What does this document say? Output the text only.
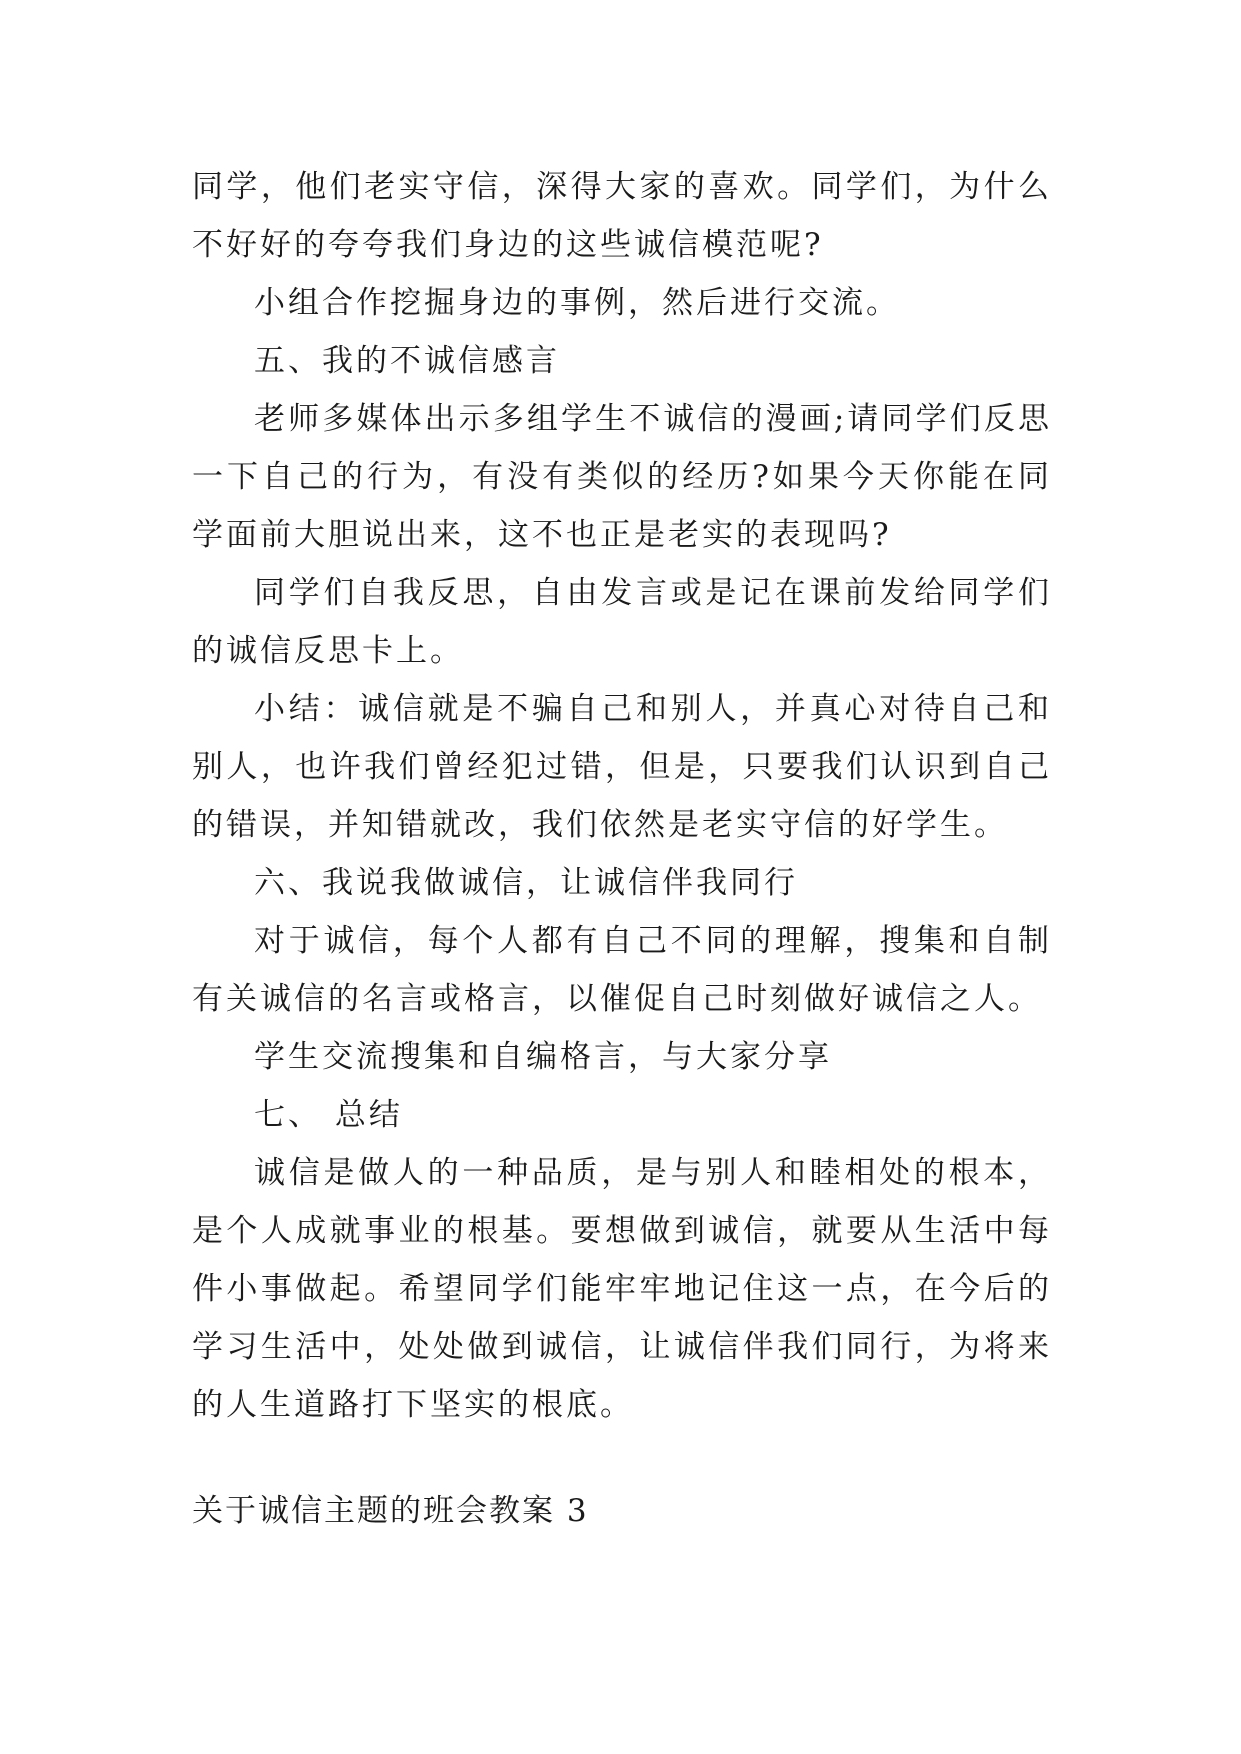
同学，他们老实守信，深得大家的喜欢。同学们，为什么不好好的夸夸我们身边的这些诚信模范呢?

小组合作挖掘身边的事例，然后进行交流。

五、我的不诚信感言

老师多媒体出示多组学生不诚信的漫画;请同学们反思一下自己的行为，有没有类似的经历?如果今天你能在同学面前大胆说出来，这不也正是老实的表现吗?

同学们自我反思，自由发言或是记在课前发给同学们的诚信反思卡上。

小结：诚信就是不骗自己和别人，并真心对待自己和别人，也许我们曾经犯过错，但是，只要我们认识到自己的错误，并知错就改，我们依然是老实守信的好学生。

六、我说我做诚信，让诚信伴我同行

对于诚信，每个人都有自己不同的理解，搜集和自制有关诚信的名言或格言，以催促自己时刻做好诚信之人。

学生交流搜集和自编格言，与大家分享

七、 总结

诚信是做人的一种品质，是与别人和睦相处的根本，是个人成就事业的根基。要想做到诚信，就要从生活中每件小事做起。希望同学们能牢牢地记住这一点，在今后的学习生活中，处处做到诚信，让诚信伴我们同行，为将来的人生道路打下坚实的根底。

关于诚信主题的班会教案 3
